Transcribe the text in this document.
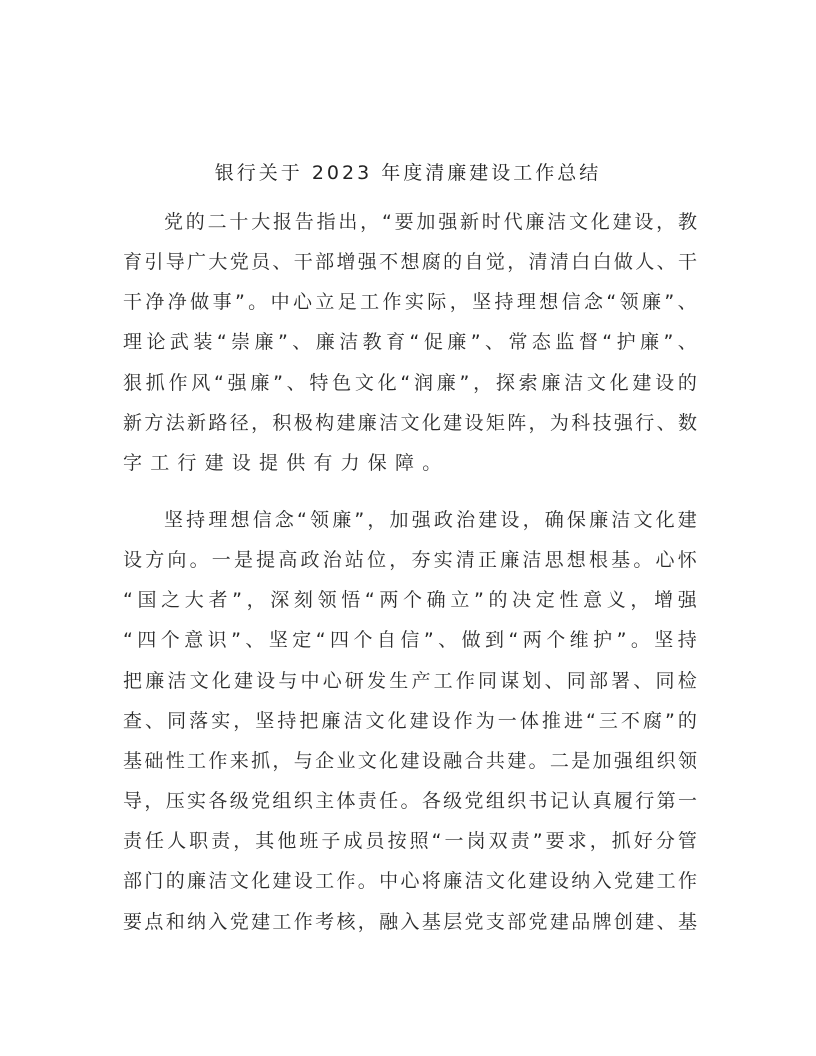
银行关于 2023 年度清廉建设工作总结
党 的 二 十 大 报 告 指 出 ， “ 要 加 强 新 时 代 廉 洁 文 化 建 设 ， 教
育 引 导 广 大 党 员 、 干 部 增 强 不 想 腐 的 自 觉 ， 清 清 白 白 做 人 、 干
干 净 净 做 事 ” 。 中 心 立 足 工 作 实 际 ， 坚 持 理 想 信 念 “ 领 廉 ” 、
理 论 武 装 “ 崇 廉 ” 、 廉 洁 教 育 “ 促 廉 ” 、 常 态 监 督 “ 护 廉 ” 、
狠 抓 作 风 “ 强 廉 ” 、 特 色 文 化 “ 润 廉 ” ， 探 索 廉 洁 文 化 建 设 的
新 方 法 新 路 径 ， 积 极 构 建 廉 洁 文 化 建 设 矩 阵 ， 为 科 技 强 行 、 数
字工行建设提供有力保障。
坚 持 理 想 信 念 “ 领 廉 ” ， 加 强 政 治 建 设 ， 确 保 廉 洁 文 化 建
设 方 向 。 一 是 提 高 政 治 站 位 ， 夯 实 清 正 廉 洁 思 想 根 基 。 心 怀
“ 国 之 大 者 ” ， 深 刻 领 悟 “ 两 个 确 立 ” 的 决 定 性 意 义 ， 增 强
“ 四 个 意 识 ” 、 坚 定 “ 四 个 自 信 ” 、 做 到 “ 两 个 维 护 ” 。 坚 持
把 廉 洁 文 化 建 设 与 中 心 研 发 生 产 工 作 同 谋 划 、 同 部 署 、 同 检
查 、 同 落 实 ， 坚 持 把 廉 洁 文 化 建 设 作 为 一 体 推 进 “ 三 不 腐 ” 的
基 础 性 工 作 来 抓 ， 与 企 业 文 化 建 设 融 合 共 建 。 二 是 加 强 组 织 领
导 ， 压 实 各 级 党 组 织 主 体 责 任 。 各 级 党 组 织 书 记 认 真 履 行 第 一
责 任 人 职 责 ， 其 他 班 子 成 员 按 照 “ 一 岗 双 责 ” 要 求 ， 抓 好 分 管
部 门 的 廉 洁 文 化 建 设 工 作 。 中 心 将 廉 洁 文 化 建 设 纳 入 党 建 工 作
要 点 和 纳 入 党 建 工 作 考 核 ， 融 入 基 层 党 支 部 党 建 品 牌 创 建 、 基
